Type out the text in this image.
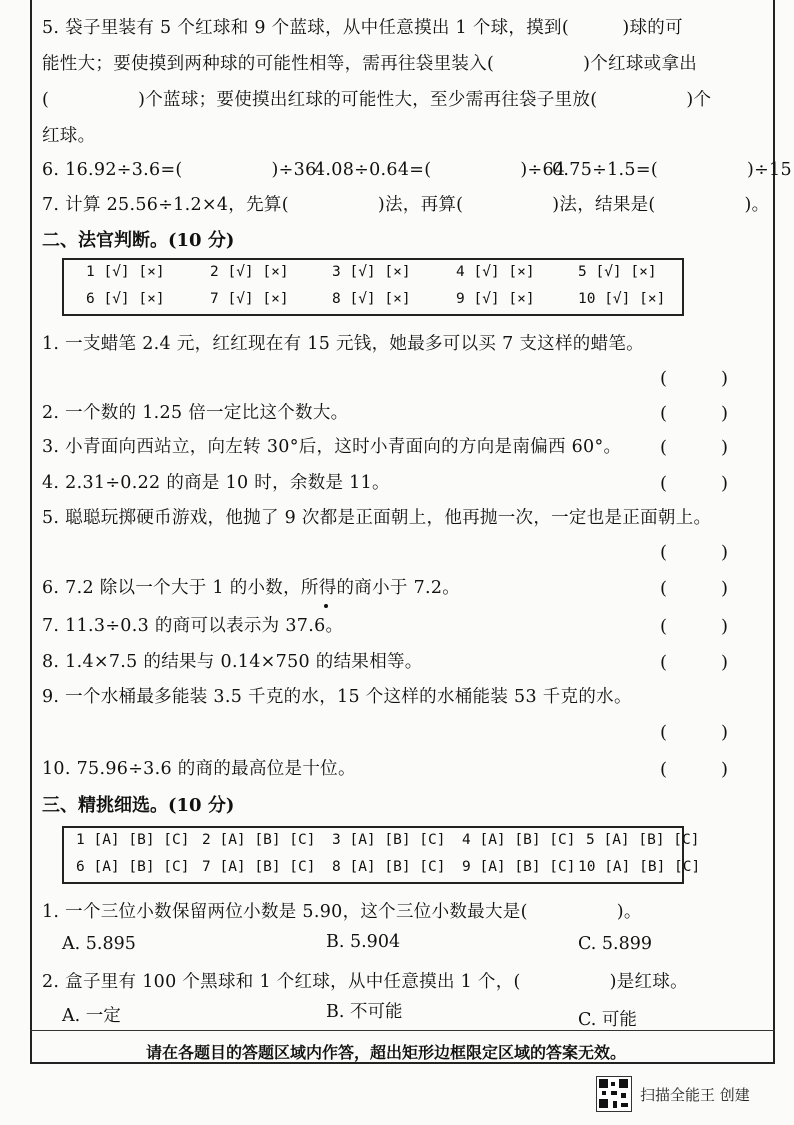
5. 袋子里装有 5 个红球和 9 个蓝球，从中任意摸出 1 个球，摸到(　　　)球的可
能性大；要使摸到两种球的可能性相等，需再往袋里装入(　　　　　)个红球或拿出
(　　　　　)个蓝球；要使摸出红球的可能性大，至少需再往袋子里放(　　　　　)个
红球。
6. 16.92÷3.6=(　　　　　)÷36
4.08÷0.64=(　　　　　)÷64
0.75÷1.5=(　　　　　)÷15
7. 计算 25.56÷1.2×4，先算(　　　　　)法，再算(　　　　　)法，结果是(　　　　　)。
二、法官判断。(10 分)
1 [√] [×]	2 [√] [×]	3 [√] [×]	4 [√] [×]	5 [√] [×]
6 [√] [×]	7 [√] [×]	8 [√] [×]	9 [√] [×]	10 [√] [×]
1. 一支蜡笔 2.4 元，红红现在有 15 元钱，她最多可以买 7 支这样的蜡笔。
(　　　)
2. 一个数的 1.25 倍一定比这个数大。	(　　　)
3. 小青面向西站立，向左转 30°后，这时小青面向的方向是南偏西 60°。 (　　　)
4. 2.31÷0.22 的商是 10 时，余数是 11。	(　　　)
5. 聪聪玩掷硬币游戏，他抛了 9 次都是正面朝上，他再抛一次，一定也是正面朝上。
(　　　)
6. 7.2 除以一个大于 1 的小数，所得的商小于 7.2。	(　　　)
7. 11.3÷0.3 的商可以表示为 37.6。	(　　　)
8. 1.4×7.5 的结果与 0.14×750 的结果相等。	(　　　)
9. 一个水桶最多能装 3.5 千克的水，15 个这样的水桶能装 53 千克的水。
(　　　)
10. 75.96÷3.6 的商的最高位是十位。	(　　　)
三、精挑细选。(10 分)
1 [A] [B] [C] 2 [A] [B] [C] 3 [A] [B] [C] 4 [A] [B] [C] 5 [A] [B] [C]
6 [A] [B] [C] 7 [A] [B] [C] 8 [A] [B] [C] 9 [A] [B] [C] 10 [A] [B] [C]
1. 一个三位小数保留两位小数是 5.90，这个三位小数最大是(　　　　　)。
A. 5.895	B. 5.904	C. 5.899
2. 盒子里有 100 个黑球和 1 个红球，从中任意摸出 1 个，(　　　　　)是红球。
A. 一定	B. 不可能	C. 可能
请在各题目的答题区域内作答，超出矩形边框限定区域的答案无效。
扫描全能王 创建
